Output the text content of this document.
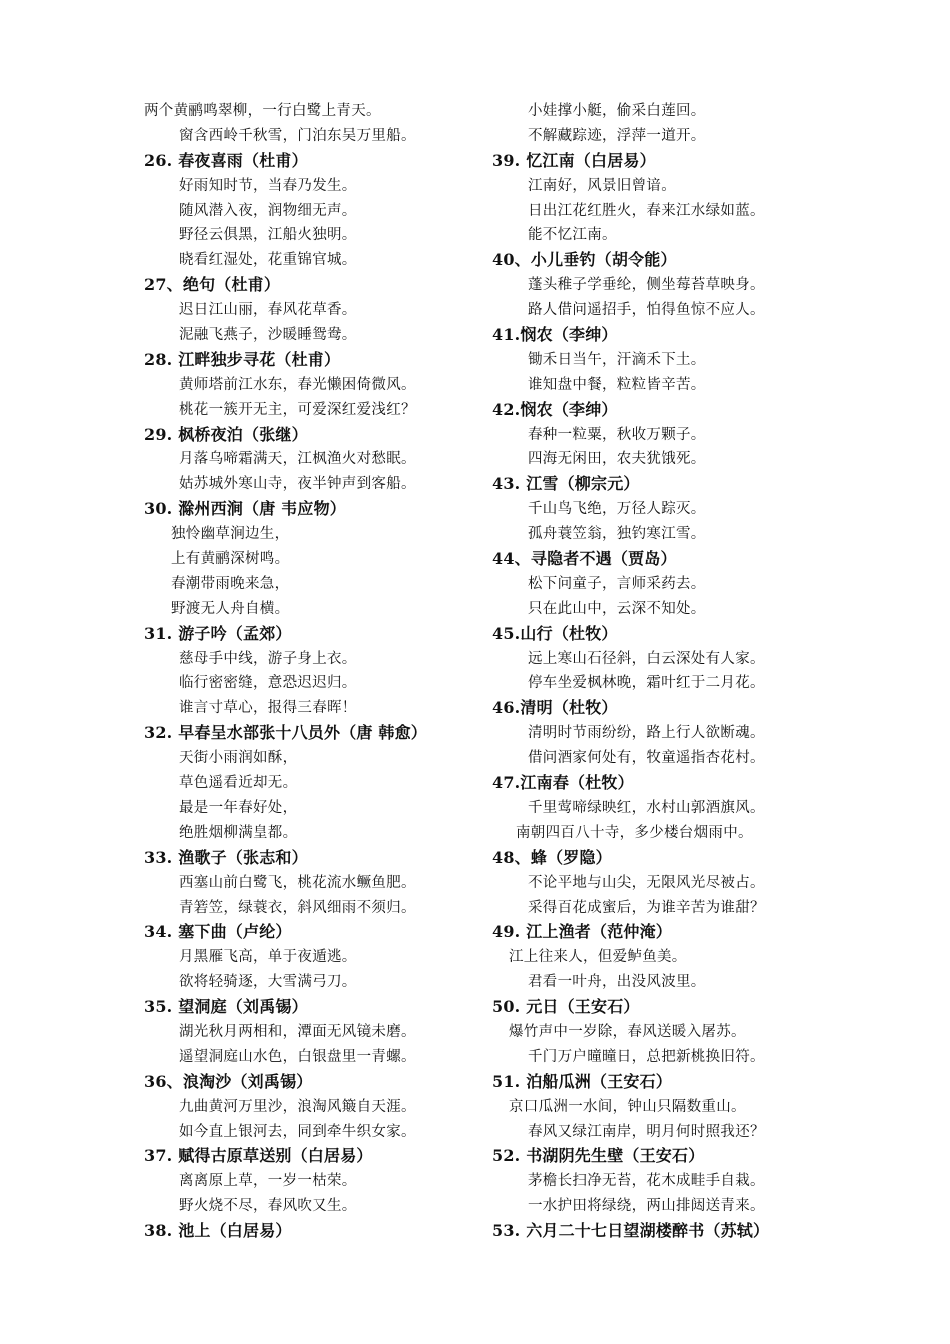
两个黄鹂鸣翠柳，一行白鹭上青天。
窗含西岭千秋雪，门泊东吴万里船。
26. 春夜喜雨（杜甫）
好雨知时节，当春乃发生。
随风潜入夜，润物细无声。
野径云俱黑，江船火独明。
晓看红湿处，花重锦官城。
27、绝句（杜甫）
迟日江山丽，春风花草香。
泥融飞燕子，沙暖睡鸳鸯。
28. 江畔独步寻花（杜甫）
黄师塔前江水东，春光懒困倚微风。
桃花一簇开无主，可爱深红爱浅红？
29. 枫桥夜泊（张继）
月落乌啼霜满天，江枫渔火对愁眠。
姑苏城外寒山寺，夜半钟声到客船。
30. 滁州西涧（唐 韦应物）
独怜幽草涧边生，
上有黄鹂深树鸣。
春潮带雨晚来急，
野渡无人舟自横。
31. 游子吟（孟郊）
慈母手中线，游子身上衣。
临行密密缝，意恐迟迟归。
谁言寸草心，报得三春晖！
32. 早春呈水部张十八员外（唐 韩愈）
天街小雨润如酥，
草色遥看近却无。
最是一年春好处，
绝胜烟柳满皇都。
33. 渔歌子（张志和）
西塞山前白鹭飞，桃花流水鳜鱼肥。
青箬笠，绿蓑衣，斜风细雨不须归。
34. 塞下曲（卢纶）
月黑雁飞高，单于夜遁逃。
欲将轻骑逐，大雪满弓刀。
35. 望洞庭（刘禹锡）
湖光秋月两相和，潭面无风镜未磨。
遥望洞庭山水色，白银盘里一青螺。
36、浪淘沙（刘禹锡）
九曲黄河万里沙，浪淘风簸自天涯。
如今直上银河去，同到牵牛织女家。
37. 赋得古原草送别（白居易）
离离原上草，一岁一枯荣。
野火烧不尽，春风吹又生。
38. 池上（白居易）
小娃撑小艇，偷采白莲回。
不解藏踪迹，浮萍一道开。
39. 忆江南（白居易）
江南好，风景旧曾谙。
日出江花红胜火，春来江水绿如蓝。
能不忆江南。
40、小儿垂钓（胡令能）
蓬头稚子学垂纶，侧坐莓苔草映身。
路人借问遥招手，怕得鱼惊不应人。
41.悯农（李绅）
锄禾日当午，汗滴禾下土。
谁知盘中餐，粒粒皆辛苦。
42.悯农（李绅）
春种一粒粟，秋收万颗子。
四海无闲田，农夫犹饿死。
43. 江雪（柳宗元）
千山鸟飞绝，万径人踪灭。
孤舟蓑笠翁，独钓寒江雪。
44、寻隐者不遇（贾岛）
松下问童子，言师采药去。
只在此山中，云深不知处。
45.山行（杜牧）
远上寒山石径斜，白云深处有人家。
停车坐爱枫林晚，霜叶红于二月花。
46.清明（杜牧）
清明时节雨纷纷，路上行人欲断魂。
借问酒家何处有，牧童遥指杏花村。
47.江南春（杜牧）
千里莺啼绿映红，水村山郭酒旗风。
南朝四百八十寺，多少楼台烟雨中。
48、蜂（罗隐）
不论平地与山尖，无限风光尽被占。
采得百花成蜜后，为谁辛苦为谁甜？
49. 江上渔者（范仲淹）
江上往来人，但爱鲈鱼美。
君看一叶舟，出没风波里。
50. 元日（王安石）
爆竹声中一岁除，春风送暖入屠苏。
千门万户曈曈日，总把新桃换旧符。
51. 泊船瓜洲（王安石）
京口瓜洲一水间，钟山只隔数重山。
春风又绿江南岸，明月何时照我还？
52. 书湖阴先生壁（王安石）
茅檐长扫净无苔，花木成畦手自栽。
一水护田将绿绕，两山排闼送青来。
53. 六月二十七日望湖楼醉书（苏轼）
